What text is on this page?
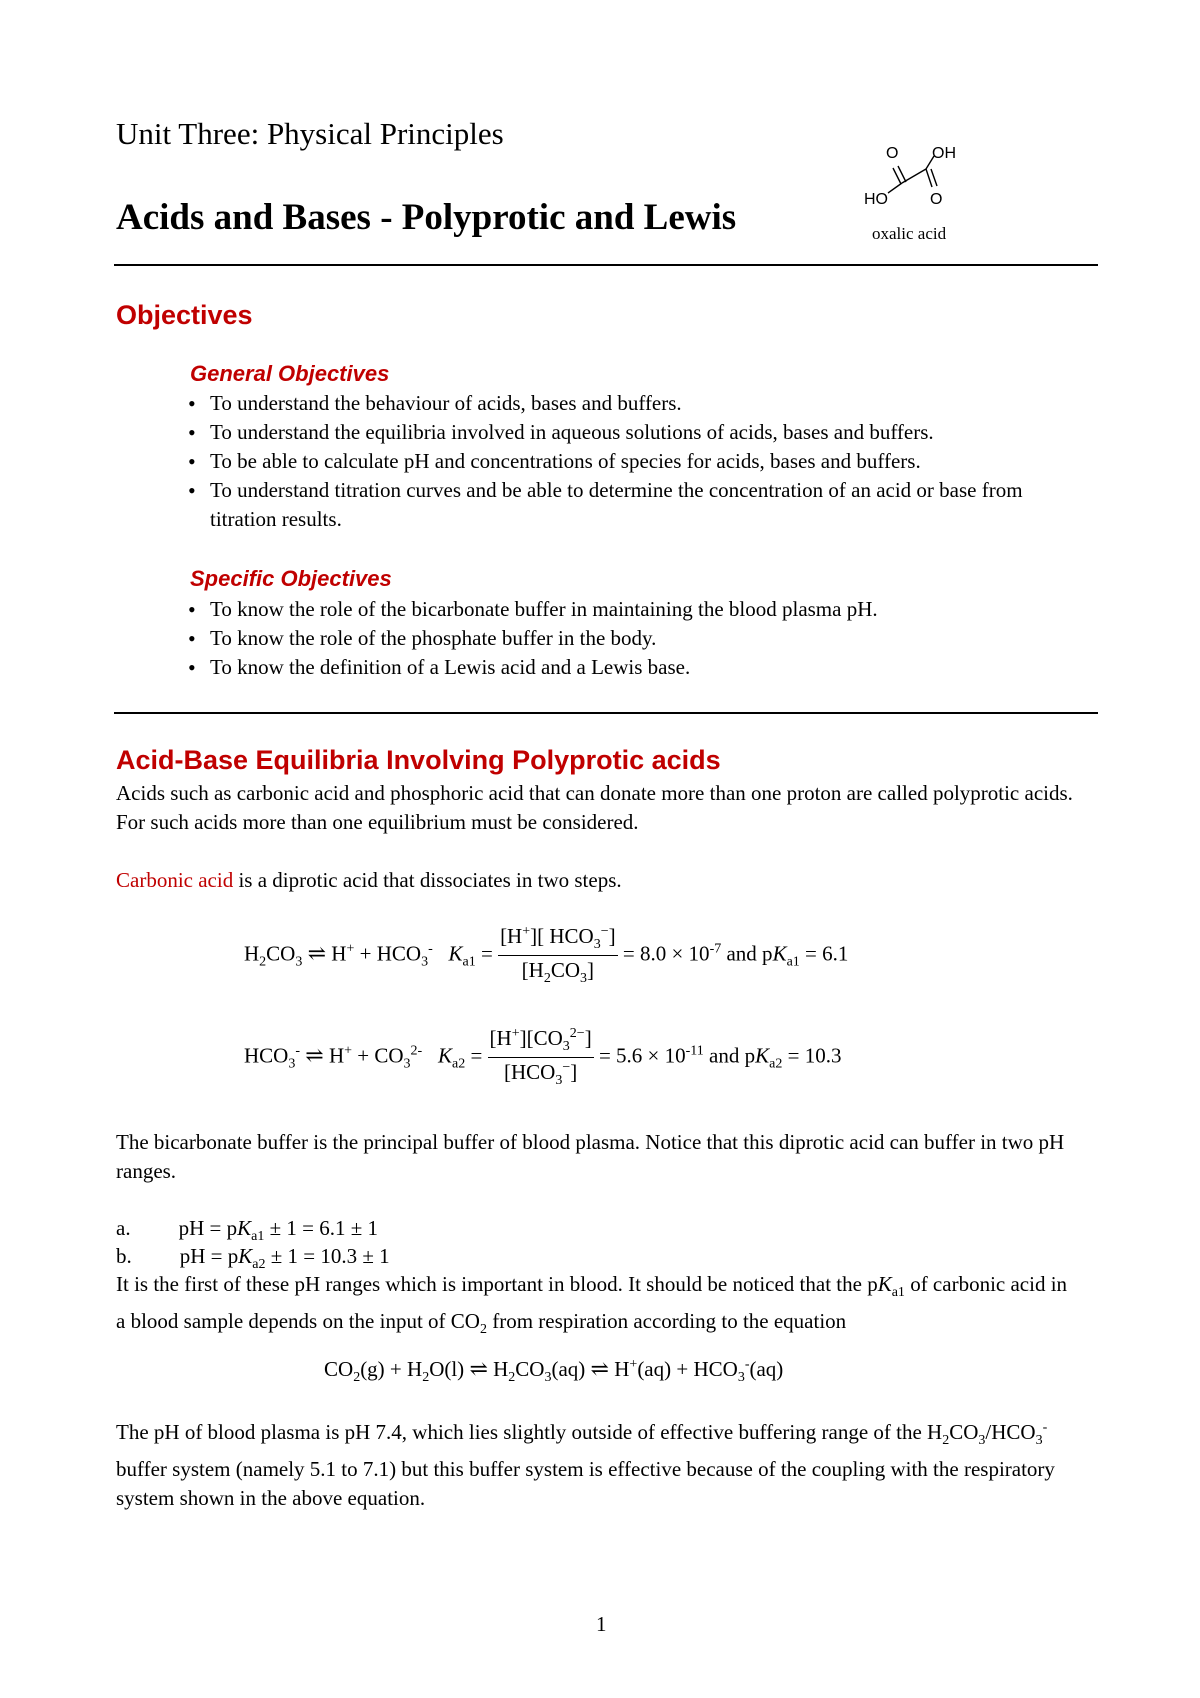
Unit Three: Physical Principles
Acids and Bases - Polyprotic and Lewis
O OH
HO	O
oxalic acid
Objectives
General Objectives
• To understand the behaviour of acids, bases and buffers.
• To understand the equilibria involved in aqueous solutions of acids, bases and buffers.
• To be able to calculate pH and concentrations of species for acids, bases and buffers.
• To understand titration curves and be able to determine the concentration of an acid or base from titration results.
Specific Objectives
• To know the role of the bicarbonate buffer in maintaining the blood plasma pH.
• To know the role of the phosphate buffer in the body.
• To know the definition of a Lewis acid and a Lewis base.
Acid-Base Equilibria Involving Polyprotic acids
Acids such as carbonic acid and phosphoric acid that can donate more than one proton are called polyprotic acids. For such acids more than one equilibrium must be considered.
Carbonic acid is a diprotic acid that dissociates in two steps.
$H_2CO_3$ ⇌ $H^+ + HCO_3^-$ $K_{a1} = \frac{[H^+][ HCO_3^-]}{[H_2CO_3]} = 8.0 \times 10^{-7}$ and $pK_{a1} = 6.1$
$HCO_3^-$ ⇌ $H^+ + CO_3^{2-}$ $K_{a2} = \frac{[H^+][CO_3^{2-}]}{[HCO_3^-]} = 5.6 \times 10^{-11}$ and $pK_{a2} = 10.3$
The bicarbonate buffer is the principal buffer of blood plasma. Notice that this diprotic acid can buffer in two pH ranges.
a. pH = $pK_{a1} \pm 1 = 6.1 \pm 1$
b. pH = $pK_{a2} \pm 1 = 10.3 \pm 1$
It is the first of these pH ranges which is important in blood. It should be noticed that the $pK_{a1}$ of carbonic acid in a blood sample depends on the input of $CO_2$ from respiration according to the equation
$CO_2(g) + H_2O(l)$ ⇌ $H_2CO_3(aq)$ ⇌ $H^+(aq) + HCO_3^-(aq)$
The pH of blood plasma is pH 7.4, which lies slightly outside of effective buffering range of the $H_2CO_3/HCO_3^-$ buffer system (namely 5.1 to 7.1) but this buffer system is effective because of the coupling with the respiratory system shown in the above equation.
1
